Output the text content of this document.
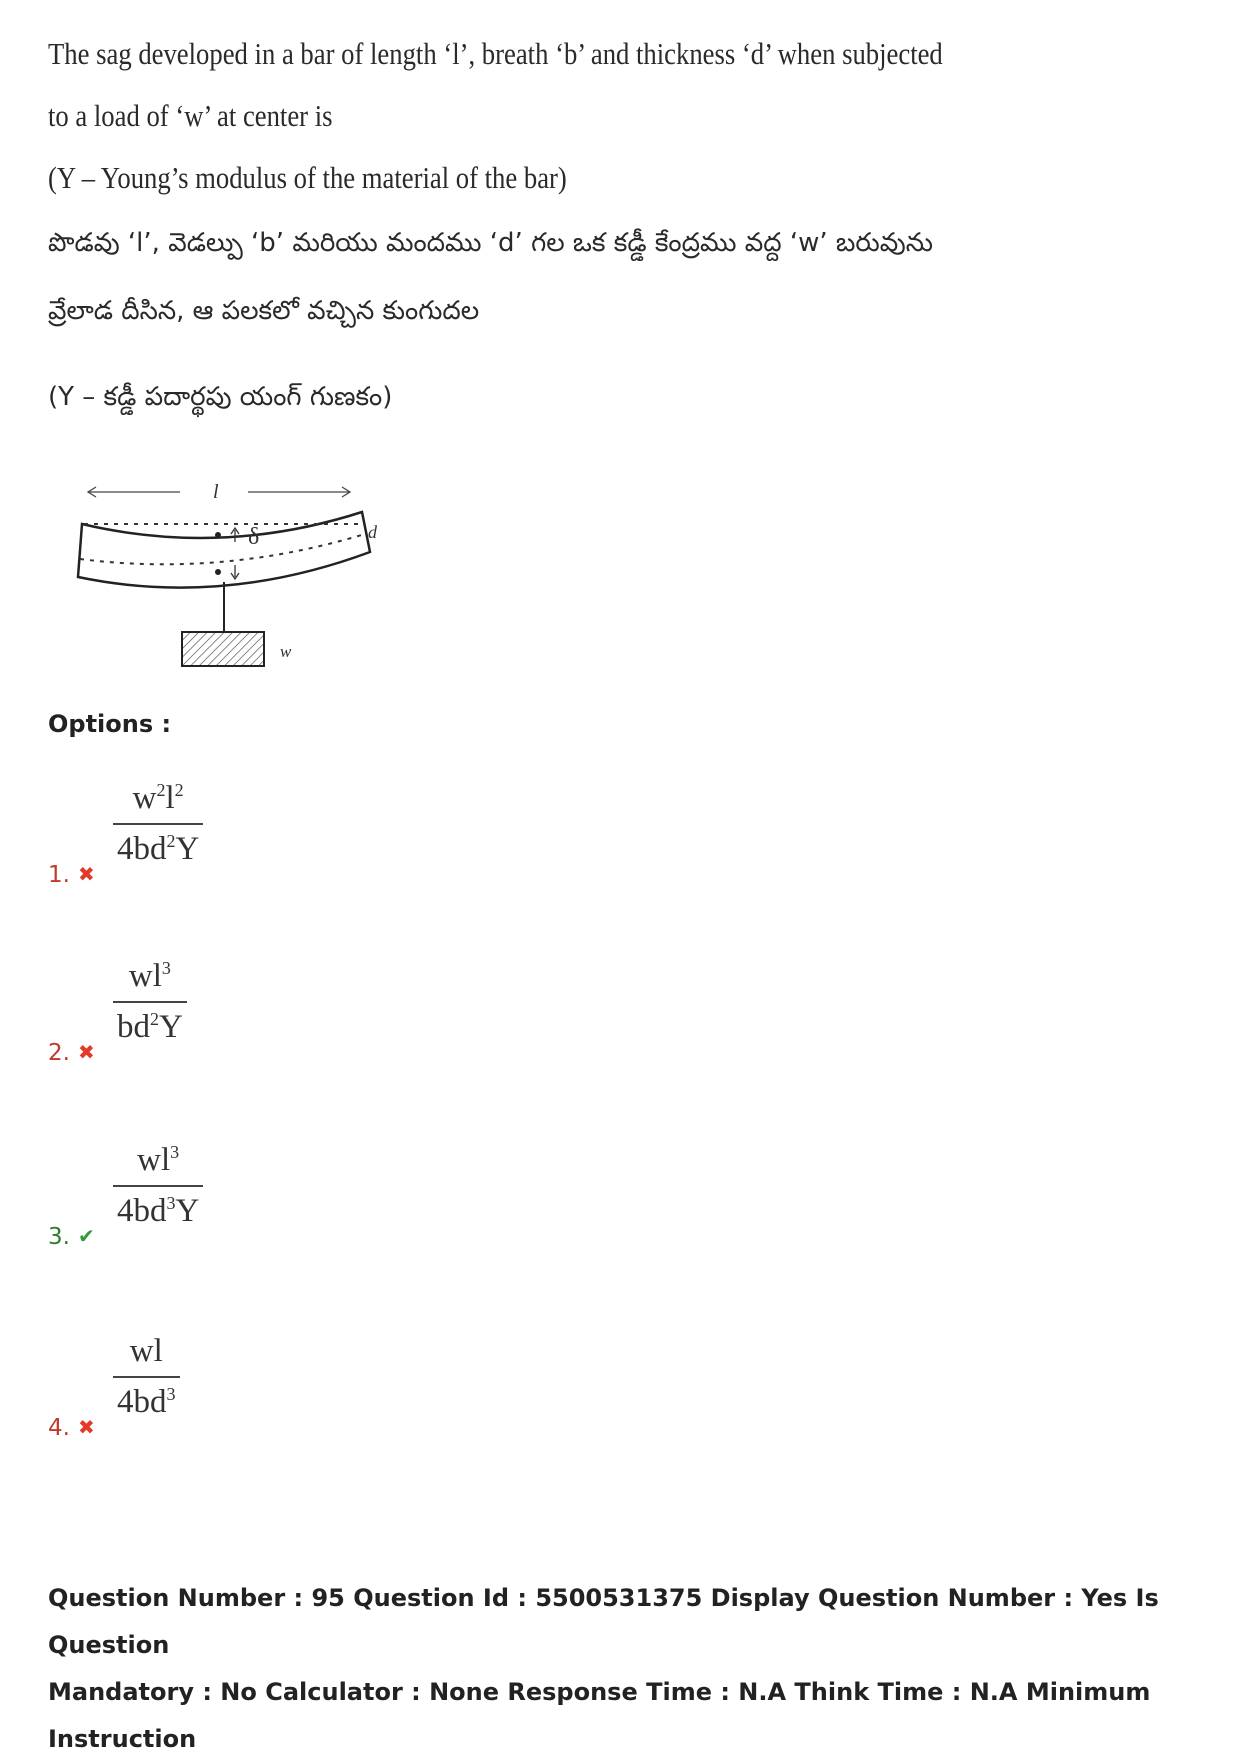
The sag developed in a bar of length ‘l’, breath ‘b’ and thickness ‘d’ when subjected
to a load of ‘w’ at center is
(Y – Young’s modulus of the material of the bar)
పొడవు ‘l’, వెడల్పు ‘b’ మరియు మందము ‘d’ గల ఒక కడ్డీ కేంద్రము వద్ద ‘w’ బరువును
వ్రేలాడ దీసిన, ఆ పలకలో వచ్చిన కుంగుదల
(Y – కడ్డీ పదార్థపు యంగ్ గుణకం)
l
δ	d
w
Options :
1. ✖
$\frac{w^2l^2}{4bd^2Y}$
2. ✖
$\frac{wl^3}{bd^2Y}$
3. ✔
$\frac{wl^3}{4bd^3Y}$
4. ✖
$\frac{wl}{4bd^3}$
Question Number : 95 Question Id : 5500531375 Display Question Number : Yes Is Question
Mandatory : No Calculator : None Response Time : N.A Think Time : N.A Minimum Instruction
